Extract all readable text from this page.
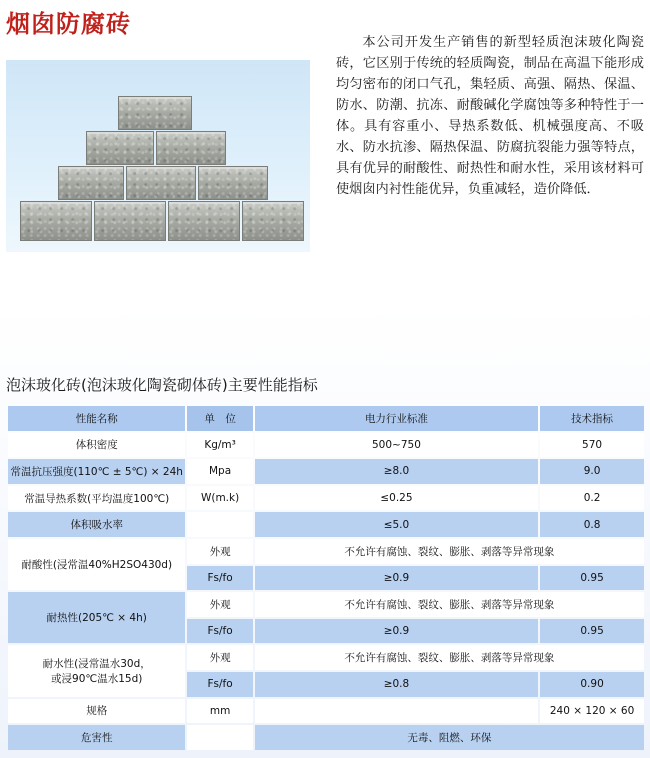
烟囱防腐砖

本公司开发生产销售的新型轻质泡沫玻化陶瓷砖，它区别于传统的轻质陶瓷，制品在高温下能形成均匀密布的闭口气孔，集轻质、高强、隔热、保温、防水、防潮、抗冻、耐酸碱化学腐蚀等多种特性于一体。具有容重小、导热系数低、机械强度高、不吸水、防水抗渗、隔热保温、防腐抗裂能力强等特点，具有优异的耐酸性、耐热性和耐水性，采用该材料可使烟囱内衬性能优异，负重减轻，造价降低．

泡沫玻化砖(泡沫玻化陶瓷砌体砖)主要性能指标
性能名称	单　位	电力行业标准	技术指标
体积密度	Kg/m³	500~750	570
常温抗压强度(110℃ ± 5℃) × 24h	Mpa	≥8.0	9.0
常温导热系数(平均温度100℃)	W(m.k)	≤0.25	0.2
体积吸水率		≤5.0	0.8
耐酸性(浸常温40%H2SO430d)	外观	不允许有腐蚀、裂纹、膨胀、剥落等异常现象	
	Fs/fo	≥0.9	0.95
耐热性(205℃ × 4h)	外观	不允许有腐蚀、裂纹、膨胀、剥落等异常现象	
	Fs/fo	≥0.9	0.95
耐水性(浸常温水30d，
或浸90℃温水15d)	外观	不允许有腐蚀、裂纹、膨胀、剥落等异常现象	
	Fs/fo	≥0.8	0.90
规格	mm		240 × 120 × 60
危害性		无毒、阻燃、环保	
